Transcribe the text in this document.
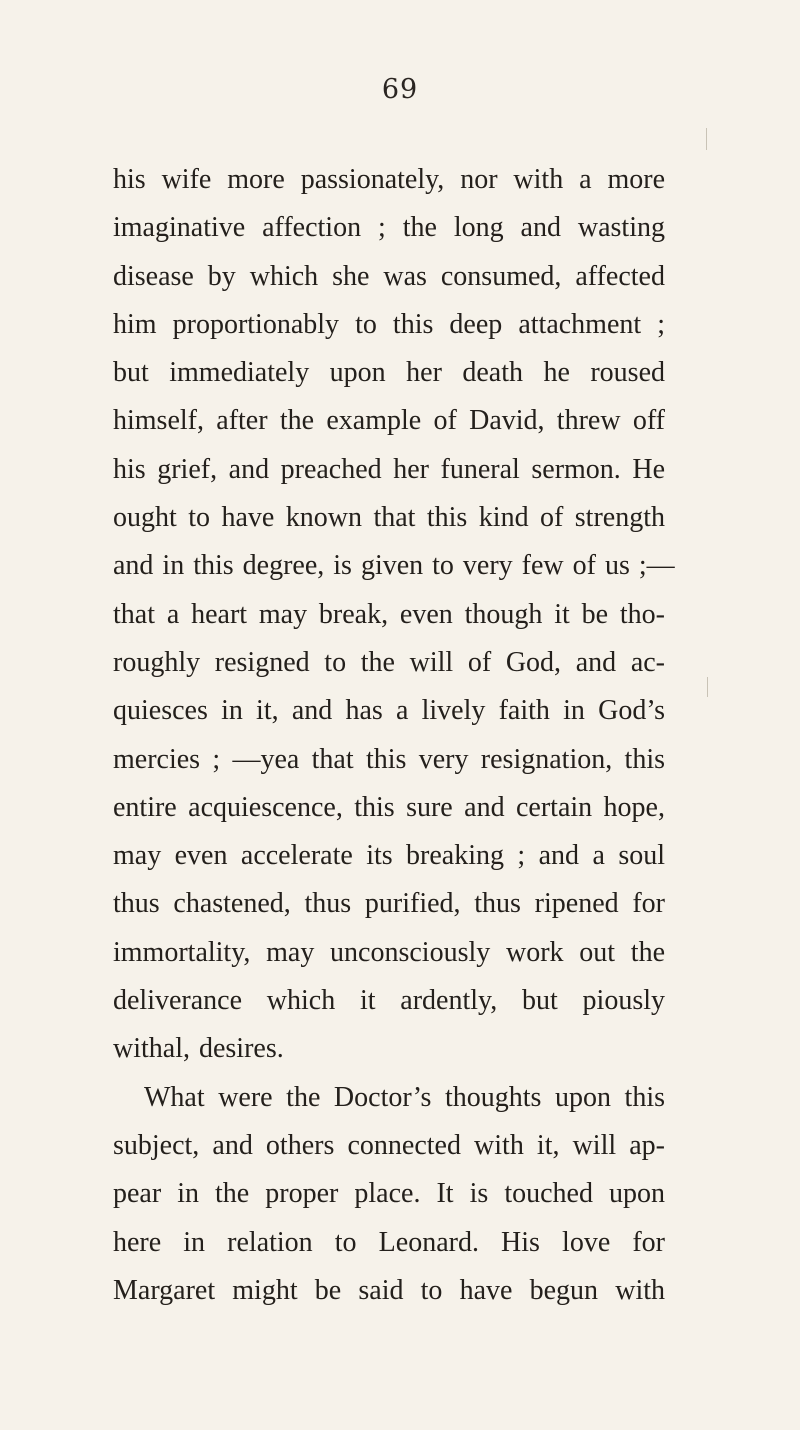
69
his wife more passionately, nor with a more
imaginative affection ; the long and wasting
disease by which she was consumed, affected
him proportionably to this deep attachment ;
but immediately upon her death he roused
himself, after the example of David, threw off
his grief, and preached her funeral sermon. He
ought to have known that this kind of strength
and in this degree, is given to very few of us ;—
that a heart may break, even though it be tho-
roughly resigned to the will of God, and ac-
quiesces in it, and has a lively faith in God’s
mercies ; —yea that this very resignation, this
entire acquiescence, this sure and certain hope,
may even accelerate its breaking ; and a soul
thus chastened, thus purified, thus ripened for
immortality, may unconsciously work out the
deliverance which it ardently, but piously
withal, desires.
What were the Doctor’s thoughts upon this
subject, and others connected with it, will ap-
pear in the proper place. It is touched upon
here in relation to Leonard. His love for
Margaret might be said to have begun with
